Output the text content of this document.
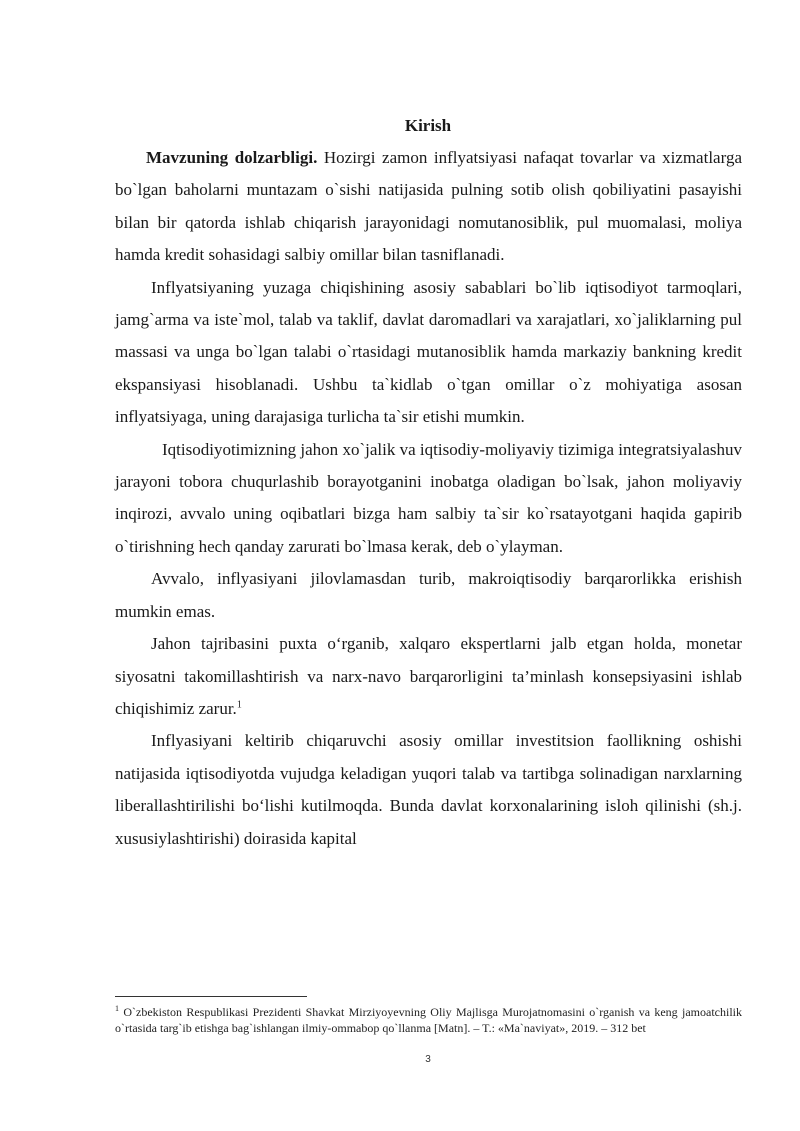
Kirish

Mavzuning dolzarbligi. Hozirgi zamon inflyatsiyasi nafaqat tovarlar va xizmatlarga bo`lgan baholarni muntazam o`sishi natijasida pulning sotib olish qobiliyatini pasayishi bilan bir qatorda ishlab chiqarish jarayonidagi nomutanosiblik, pul muomalasi, moliya hamda kredit sohasidagi salbiy omillar bilan tasniflanadi.

Inflyatsiyaning yuzaga chiqishining asosiy sabablari bo`lib iqtisodiyot tarmoqlari, jamg`arma va iste`mol, talab va taklif, davlat daromadlari va xarajatlari, xo`jaliklarning pul massasi va unga bo`lgan talabi o`rtasidagi mutanosiblik hamda markaziy bankning kredit ekspansiyasi hisoblanadi. Ushbu ta`kidlab o`tgan omillar o`z mohiyatiga asosan inflyatsiyaga, uning darajasiga turlicha ta`sir etishi mumkin.

Iqtisodiyotimizning jahon xo`jalik va iqtisodiy-moliyaviy tizimiga integratsiyalashuv jarayoni tobora chuqurlashib borayotganini inobatga oladigan bo`lsak, jahon moliyaviy inqirozi, avvalo uning oqibatlari bizga ham salbiy ta`sir ko`rsatayotgani haqida gapirib o`tirishning hech qanday zarurati bo`lmasa kerak, deb o`ylayman.

Avvalo, inflyasiyani jilovlamasdan turib, makroiqtisodiy barqarorlikka erishish mumkin emas.

Jahon tajribasini puxta o‘rganib, xalqaro ekspertlarni jalb etgan holda, monetar siyosatni takomillashtirish va narx-navo barqarorligini ta’minlash konsepsiyasini ishlab chiqishimiz zarur.$^1$

Inflyasiyani keltirib chiqaruvchi asosiy omillar investitsion faollikning oshishi natijasida iqtisodiyotda vujudga keladigan yuqori talab va tartibga solinadigan narxlarning liberallashtirilishi bo‘lishi kutilmoqda. Bunda davlat korxonalarining isloh qilinishi (sh.j. xususiylashtirishi) doirasida kapital

$^1$ O`zbekiston Respublikasi Prezidenti Shavkat Mirziyoyevning Oliy Majlisga Murojatnomasini o`rganish va keng jamoatchilik o`rtasida targ`ib etishga bag`ishlangan ilmiy-ommabop qo`llanma [Matn]. – T.: «Ma`naviyat», 2019. – 312 bet
3
